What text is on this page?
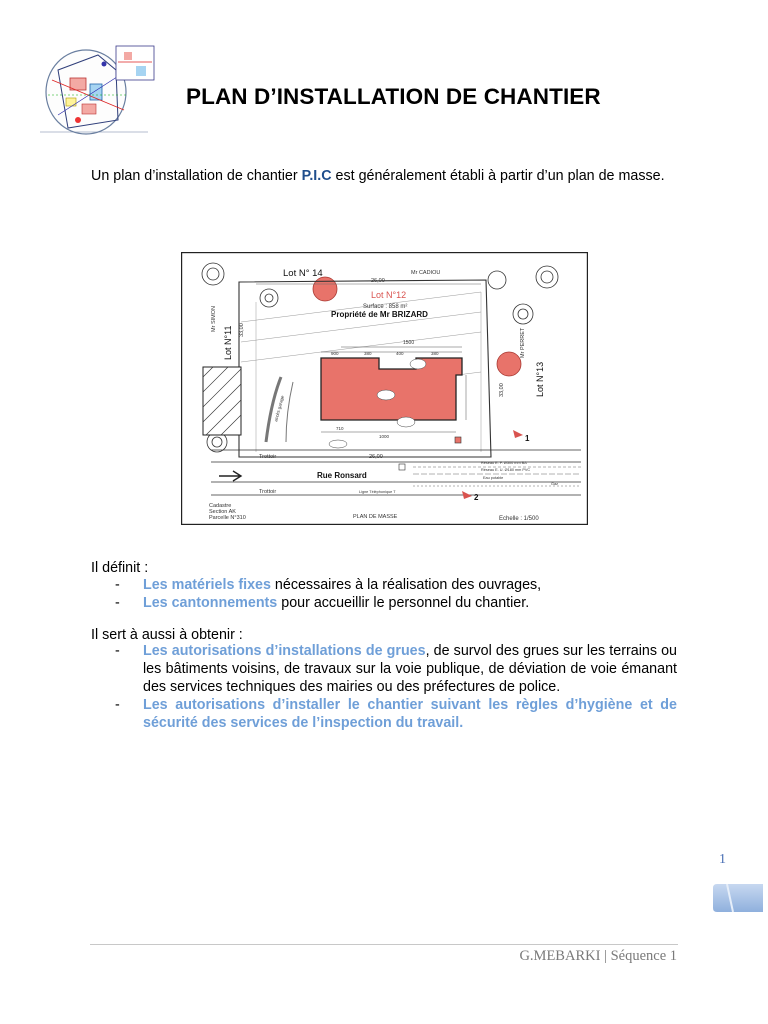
PLAN D’INSTALLATION DE CHANTIER
Un plan d’installation de chantier P.I.C est généralement établi à partir d’un plan de masse.
Lot N° 14	Mr CADIOU
26,00
Lot N°12
Surface : 858 m²
Propriété de Mr BRIZARD
Lot N°11
Mr SIMON	33,00
Lot N°13
Mr PERRET
33,00
1500
900	380	400	380
710
1000
accès garage
Trottoir
Rue Ronsard
26,00
Réseau E. P. Ø300 mm BA
Réseau E. U. Ø180 mm PVC
Eau potable
Gaz
Trottoir	Ligne Téléphonique T
Cadastre
Section AK
Parcelle N°310	PLAN DE MASSE	Echelle : 1/500
1
2
Il définit :
- Les matériels fixes nécessaires à la réalisation des ouvrages,
- Les cantonnements pour accueillir le personnel du chantier.
Il sert à aussi à obtenir :
- Les autorisations d’installations de grues, de survol des grues sur les terrains ou les bâtiments voisins, de travaux sur la voie publique, de déviation de voie émanant des services techniques des mairies ou des préfectures de police.
- Les autorisations d’installer le chantier suivant les règles d’hygiène et de sécurité des services de l’inspection du travail.
1
G.MEBARKI | Séquence 1
